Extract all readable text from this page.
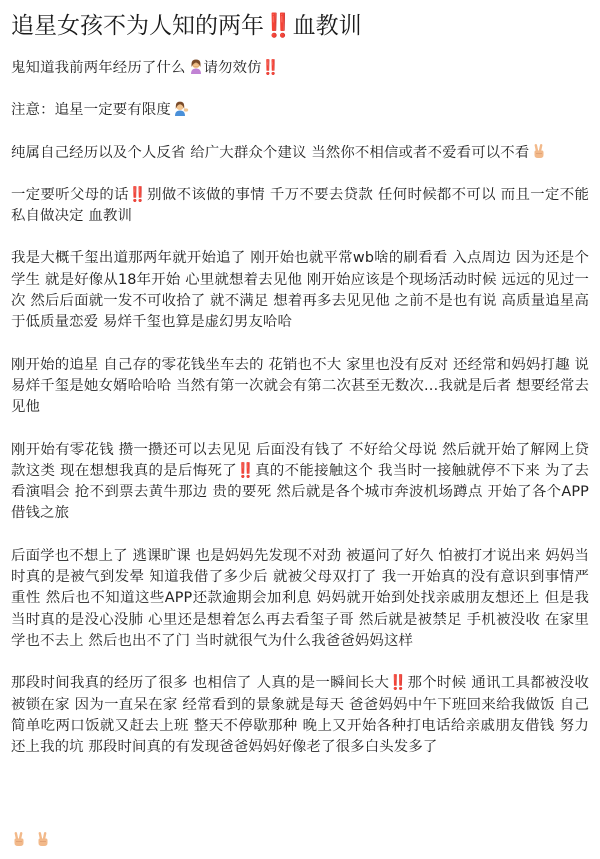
追星女孩不为人知的两年‼️血教训
鬼知道我前两年经历了什么 请勿效仿‼️
注意：追星一定要有限度
纯属自己经历以及个人反省 给广大群众个建议 当然你不相信或者不爱看可以不看
一定要听父母的话‼️别做不该做的事情 千万不要去贷款 任何时候都不可以 而且一定不能私自做决定 血教训
我是大概千玺出道那两年就开始追了 刚开始也就平常wb啥的刷看看 入点周边 因为还是个学生 就是好像从18年开始 心里就想着去见他 刚开始应该是个现场活动时候 远远的见过一次 然后后面就一发不可收拾了 就不满足 想着再多去见见他 之前不是也有说 高质量追星高于低质量恋爱 易烊千玺也算是虚幻男友哈哈
刚开始的追星 自己存的零花钱坐车去的 花销也不大 家里也没有反对 还经常和妈妈打趣 说 易烊千玺是她女婿哈哈哈 当然有第一次就会有第二次甚至无数次…我就是后者 想要经常去见他
刚开始有零花钱 攒一攒还可以去见见 后面没有钱了 不好给父母说 然后就开始了解网上贷款这类 现在想想我真的是后悔死了‼️真的不能接触这个 我当时一接触就停不下来 为了去看演唱会 抢不到票去黄牛那边 贵的要死 然后就是各个城市奔波机场蹲点 开始了各个APP借钱之旅
后面学也不想上了 逃课旷课 也是妈妈先发现不对劲 被逼问了好久 怕被打才说出来 妈妈当时真的是被气到发晕 知道我借了多少后 就被父母双打了 我一开始真的没有意识到事情严重性 然后也不知道这些APP还款逾期会加利息 妈妈就开始到处找亲戚朋友想还上 但是我当时真的是没心没肺 心里还是想着怎么再去看玺子哥 然后就是被禁足 手机被没收 在家里学也不去上 然后也出不了门 当时就很气为什么我爸爸妈妈这样
那段时间我真的经历了很多 也相信了 人真的是一瞬间长大‼️那个时候 通讯工具都被没收 被锁在家 因为一直呆在家 经常看到的景象就是每天 爸爸妈妈中午下班回来给我做饭 自己简单吃两口饭就又赶去上班 整天不停歇那种 晚上又开始各种打电话给亲戚朋友借钱 努力还上我的坑 那段时间真的有发现爸爸妈妈好像老了很多白头发多了
